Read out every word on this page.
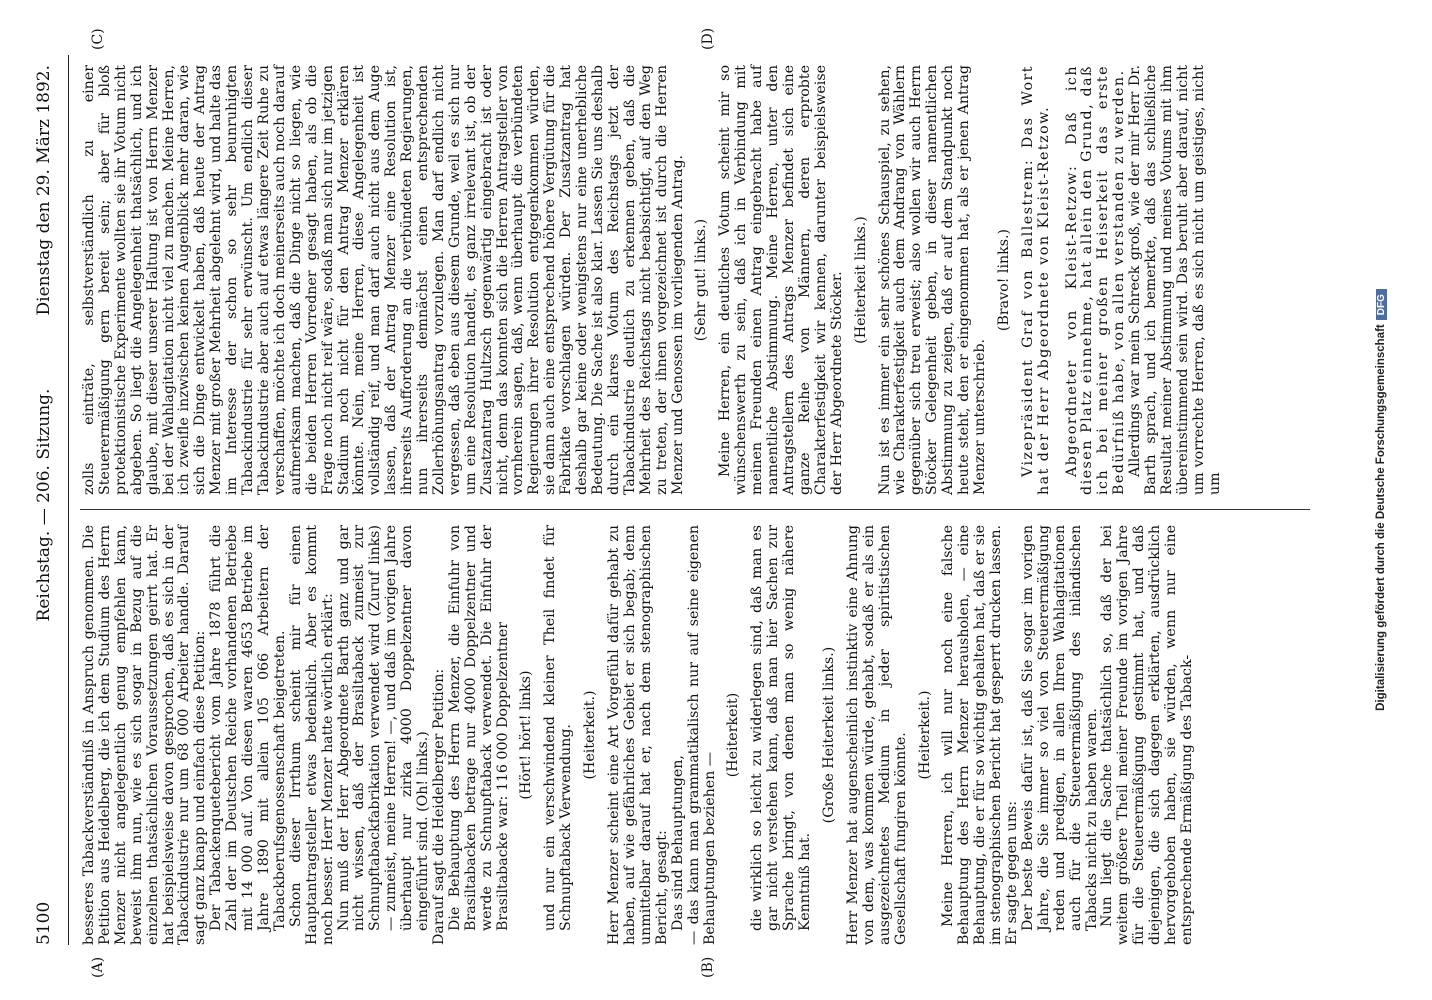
5100
Reichstag. — 206. Sitzung.
Dienstag den 29. März 1892.
(A)	(B)
(C)	(D)

besseres Tabackverständniß in Anspruch genommen. Die Petition aus Heidelberg, die ich dem Studium des Herrn Menzer nicht angelegentlich genug empfehlen kann, beweist ihm nun, wie es sich sogar in Bezug auf die einzelnen thatsächlichen Voraussetzungen geirrt hat. Er hat beispielsweise davon gesprochen, daß es sich in der Tabackindustrie nur um 68 000 Arbeiter handle. Darauf sagt ganz knapp und einfach diese Petition: Der Tabackenquetebericht vom Jahre 1878 führt die Zahl der im Deutschen Reiche vorhandenen Betriebe mit 14 000 auf. Von diesen waren 4653 Betriebe im Jahre 1890 mit allein 105 066 Arbeitern der Tabackberufsgenossenschaft beigetreten. Schon dieser Irrthum scheint mir für einen Hauptantragsteller etwas bedenklich. Aber es kommt noch besser. Herr Menzer hatte wörtlich erklärt: Nun muß der Herr Abgeordnete Barth ganz und gar nicht wissen, daß der Brasiltaback zumeist zur Schnupftabackfabrikation verwendet wird (Zuruf links) — zumeist, meine Herren! —, und daß im vorigen Jahre überhaupt nur zirka 4000 Doppelzentner davon eingeführt sind. (Oh! links.) Darauf sagt die Heidelberger Petition: Die Behauptung des Herrn Menzer, die Einfuhr von Brasiltabacken betrage nur 4000 Doppelzentner und werde zu Schnupftaback verwendet. Die Einfuhr der Brasiltabacke war: 116 000 Doppelzentner (Hört! hört! links) und nur ein verschwindend kleiner Theil findet für Schnupftaback Verwendung. (Heiterkeit.) Herr Menzer scheint eine Art Vorgefühl dafür gehabt zu haben, auf wie gefährliches Gebiet er sich begab; denn unmittelbar darauf hat er, nach dem stenographischen Bericht, gesagt: Das sind Behauptungen, — das kann man grammatikalisch nur auf seine eigenen Behauptungen beziehen —

(Heiterkeit) die wirklich so leicht zu widerlegen sind, daß man es gar nicht verstehen kann, daß man hier Sachen zur Sprache bringt, von denen man so wenig nähere Kenntniß hat.

(Große Heiterkeit links.) Herr Menzer hat augenscheinlich instinktiv eine Ahnung von dem, was kommen würde, gehabt, sodaß er als ein ausgezeichnetes Medium in jeder spiritistischen Gesellschaft fungiren könnte. (Heiterkeit.) Meine Herren, ich will nur noch eine falsche Behauptung des Herrn Menzer herausholen, — eine Behauptung, die er für so wichtig gehalten hat, daß er sie im stenographischen Bericht hat gesperrt drucken lassen. Er sagte gegen uns: Der beste Beweis dafür ist, daß Sie sogar im vorigen Jahre, die Sie immer so viel von Steuerermäßigung reden und predigen, in allen Ihren Wahlagitationen auch für die Steuerermäßigung des inländischen Tabacks nicht zu haben waren. Nun liegt die Sache thatsächlich so, daß der bei weitem größere Theil meiner Freunde im vorigen Jahre für die Steuerermäßigung gestimmt hat, und daß diejenigen, die sich dagegen erklärten, ausdrücklich hervorgehoben haben, sie würden, wenn nur eine entsprechende Ermäßigung des Taback-

zolls einträte, selbstverständlich zu einer Steuerermäßigung gern bereit sein; aber für bloß protektionistische Experimente wollten sie ihr Votum nicht abgeben. So liegt die Angelegenheit thatsächlich, und ich glaube, mit dieser unserer Haltung ist von Herrn Menzer bei der Wahlagitation nicht viel zu machen. Meine Herren, ich zweifle inzwischen keinen Augenblick mehr daran, wie sich die Dinge entwickelt haben, daß heute der Antrag Menzer mit großer Mehrheit abgelehnt wird, und halte das im Interesse der schon so sehr beunruhigten Tabackindustrie für sehr erwünscht. Um endlich dieser Tabackindustrie aber auch auf etwas längere Zeit Ruhe zu verschaffen, möchte ich doch meinerseits auch noch darauf aufmerksam machen, daß die Dinge nicht so liegen, wie die beiden Herren Vorredner gesagt haben, als ob die Frage noch nicht reif wäre, sodaß man sich nur im jetzigen Stadium noch nicht für den Antrag Menzer erklären könnte. Nein, meine Herren, diese Angelegenheit ist vollständig reif, und man darf auch nicht aus dem Auge lassen, daß der Antrag Menzer eine Resolution ist, ihrerseits Aufforderung an die verbündeten Regierungen, nun ihrerseits demnächst einen entsprechenden Zollerhöhungsantrag vorzulegen. Man darf endlich nicht vergessen, daß eben aus diesem Grunde, weil es sich nur um eine Resolution handelt, es ganz irrelevant ist, ob der Zusatzantrag Hultzsch gegenwärtig eingebracht ist oder nicht, denn das konnten sich die Herren Antragsteller von vornherein sagen, daß, wenn überhaupt die verbündeten Regierungen ihrer Resolution entgegenkommen würden, sie dann auch eine entsprechend höhere Vergütung für die Fabrikate vorschlagen würden. Der Zusatzantrag hat deshalb gar keine oder wenigstens nur eine unerhebliche Bedeutung. Die Sache ist also klar. Lassen Sie uns deshalb durch ein klares Votum des Reichstags jetzt der Tabackindustrie deutlich zu erkennen geben, daß die Mehrheit des Reichstags nicht beabsichtigt, auf den Weg zu treten, der ihnen vorgezeichnet ist durch die Herren Menzer und Genossen im vorliegenden Antrag. (Sehr gut! links.) Meine Herren, ein deutliches Votum scheint mir so wünschenswerth zu sein, daß ich in Verbindung mit meinen Freunden einen Antrag eingebracht habe auf namentliche Abstimmung. Meine Herren, unter den Antragstellern des Antrags Menzer befindet sich eine ganze Reihe von Männern, deren erprobte Charakterfestigkeit wir kennen, darunter beispielsweise der Herr Abgeordnete Stöcker. (Heiterkeit links.) Nun ist es immer ein sehr schönes Schauspiel, zu sehen, wie Charakterfestigkeit auch dem Andrang von Wählern gegenüber sich treu erweist; also wollen wir auch Herrn Stöcker Gelegenheit geben, in dieser namentlichen Abstimmung zu zeigen, daß er auf dem Standpunkt noch heute steht, den er eingenommen hat, als er jenen Antrag Menzer unterschrieb.

(Bravo! links.) Vizepräsident Graf von Ballestrem: Das Wort hat der Herr Abgeordnete von Kleist-Retzow. Abgeordneter von Kleist-Retzow: Daß ich diesen Platz einnehme, hat allein den Grund, daß ich bei meiner großen Heiserkeit das erste Bedürfniß habe, von allen verstanden zu werden. Allerdings war mein Schreck groß, wie der mir Herr Dr. Barth sprach, und ich bemerkte, daß das schließliche Resultat meiner Abstimmung und meines Votums mit ihm übereinstimmend sein wird. Das beruht aber darauf, nicht um vorrechte Herren, daß es sich nicht um geistiges, nicht um	Digitalisierung gefördert durch die Deutsche ForschungsgemeinschaftDFG
